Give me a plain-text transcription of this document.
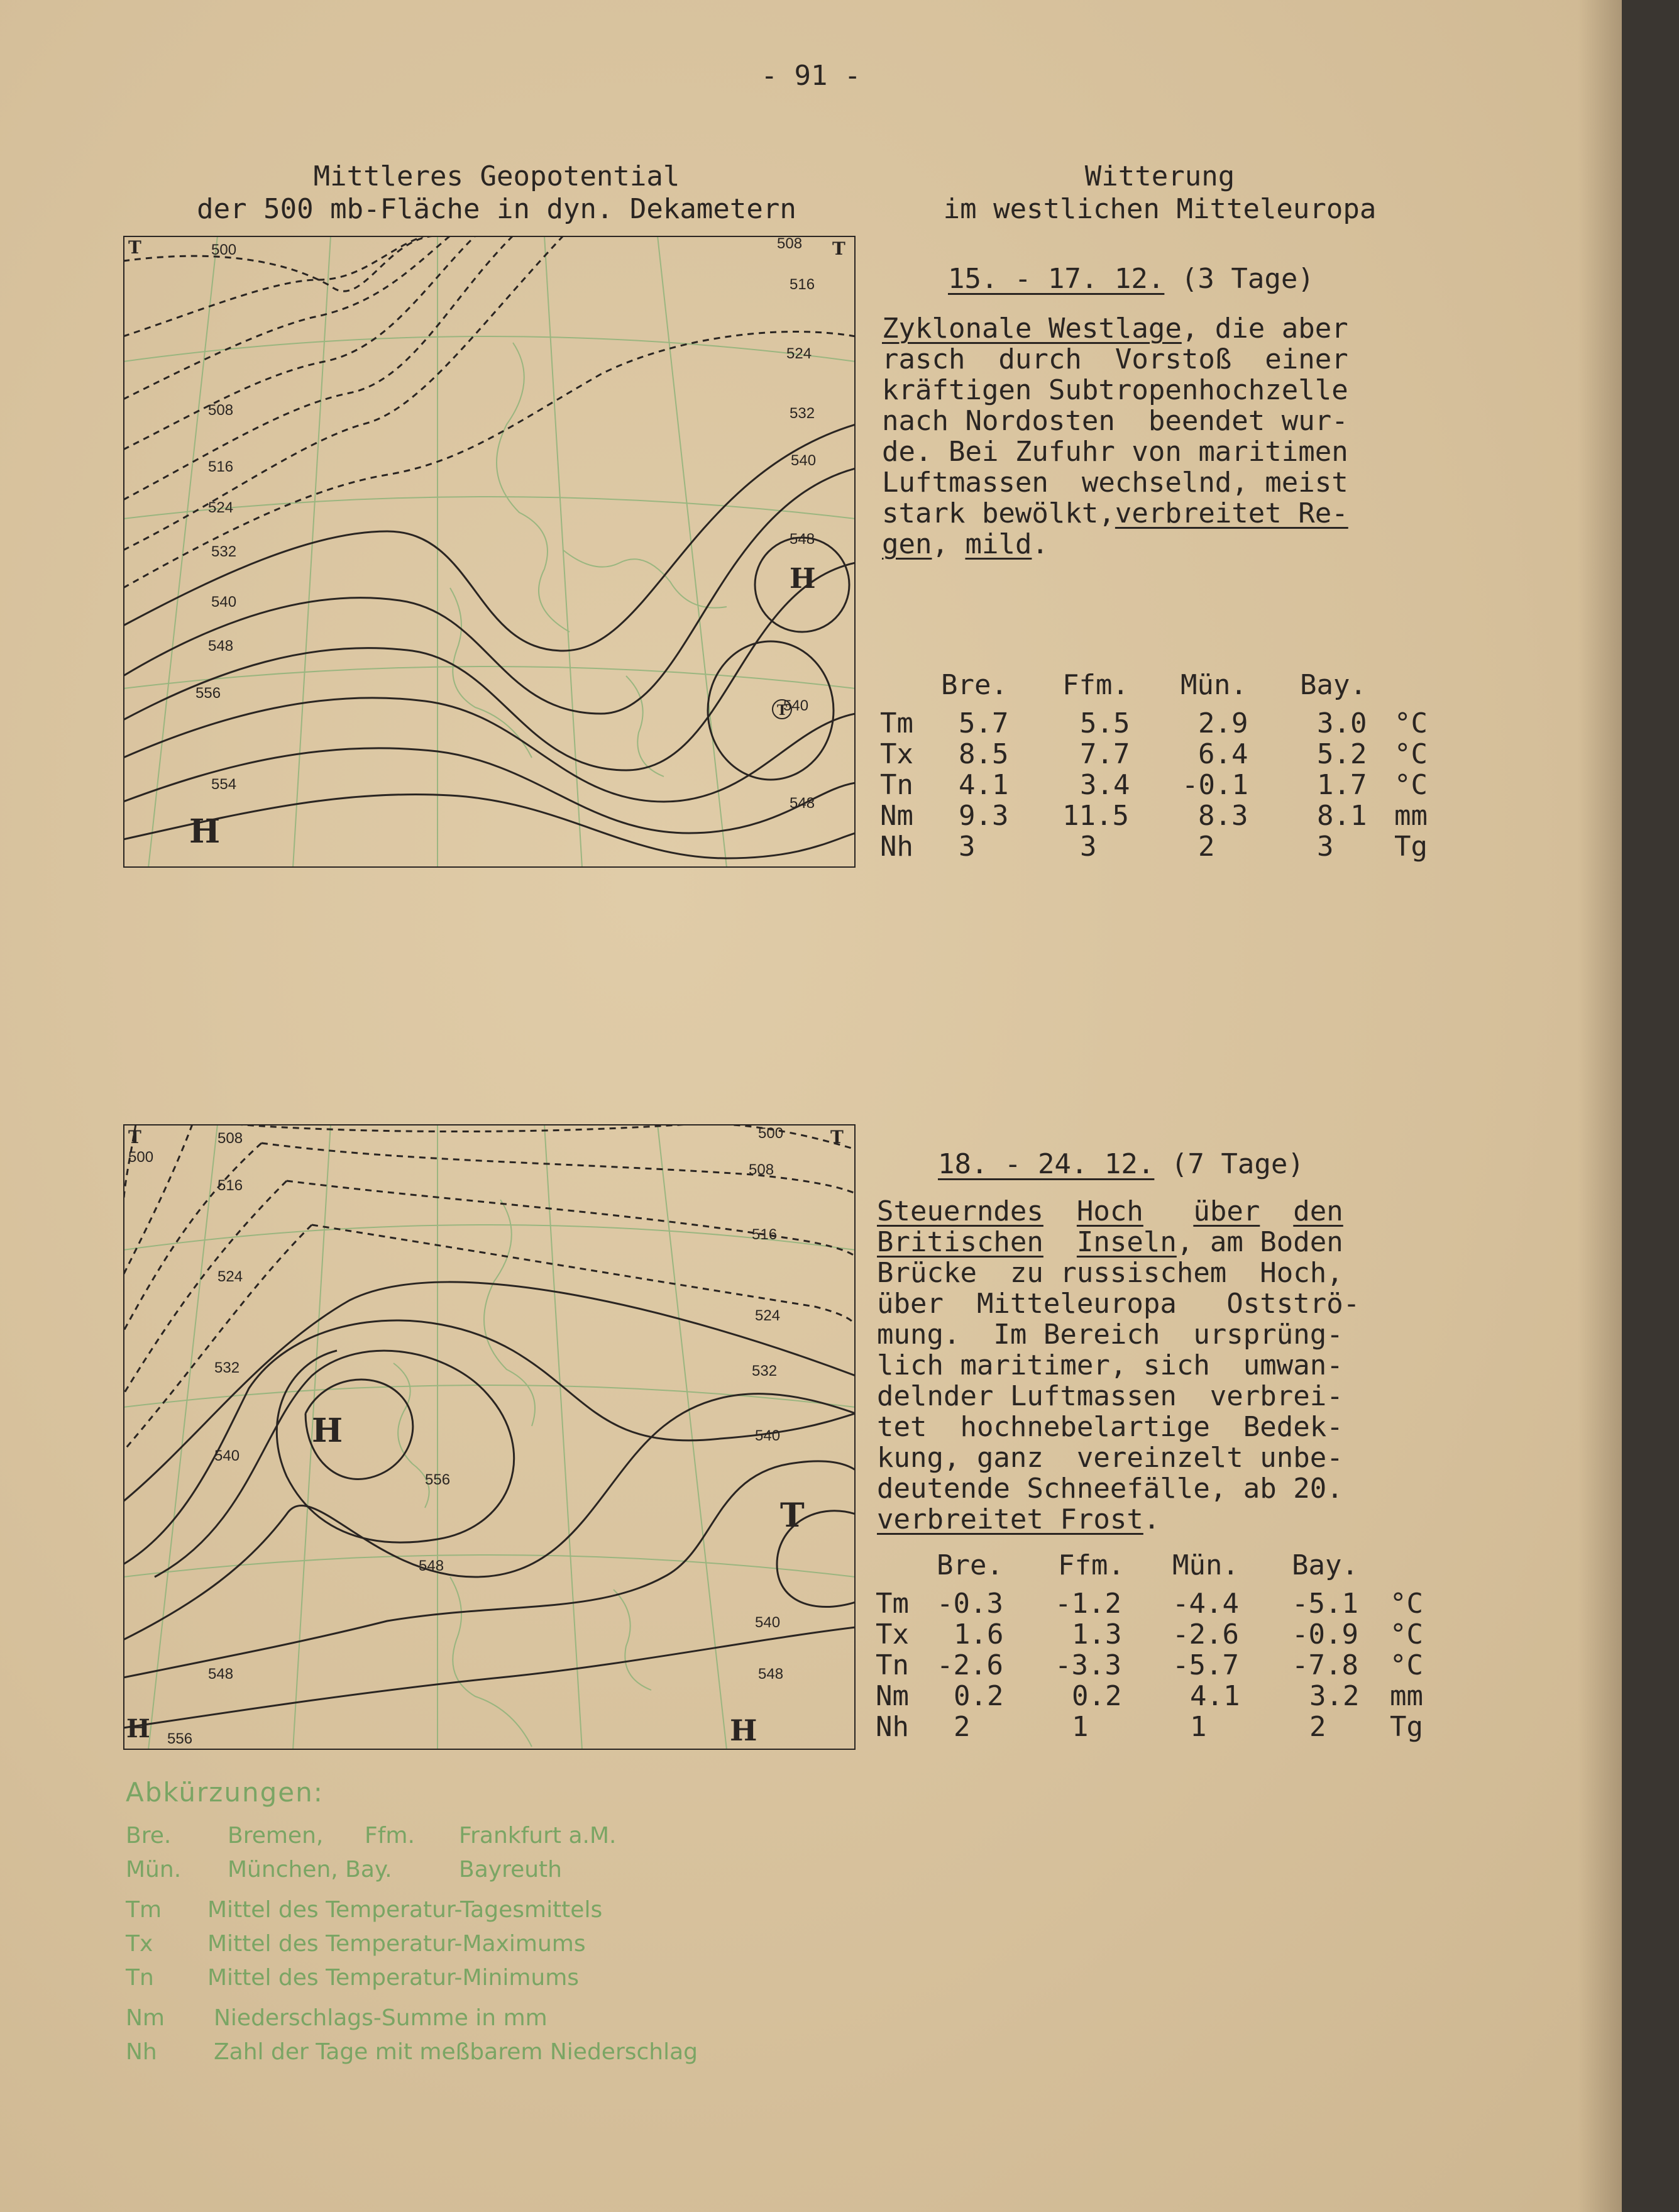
- 91 -
Mittleres Geopotential
der 500 mb-Fläche in dyn. Dekametern
Witterung
im westlichen Mitteleuropa
500
508
516
524
532
540
548
556
508
516
524
532
540
548
548
540
554
T	T
H
H
T
15. - 17. 12. (3 Tage)
Zyklonale Westlage, die aber
rasch  durch  Vorstoß  einer
kräftigen Subtropenhochzelle
nach Nordosten  beendet wur-
de. Bei Zufuhr von maritimen
Luftmassen  wechselnd, meist
stark bewölkt,verbreitet Re-
gen, mild.
Bre. Ffm. Mün. Bay.
Tm 5.7	5.5 2.9 3.0 °C
Tx 8.5	7.7 6.4 5.2 °C
Tn 4.1	3.4 -0.1 1.7 °C
Nm 9.3 11.5	8.3 8.1 mm
Nh 3	3	2	3 Tg
508
500
516
524
532
540
556
548
548
556
500
508
516
524
532
540
540
548
T	T
H
T
H	H
18. - 24. 12. (7 Tage)
Steuerndes Hoch über den
Britischen Inseln, am Boden
Brücke  zu russischem  Hoch,
über  Mitteleuropa   Ostströ-
mung.  Im Bereich  ursprüng-
lich maritimer, sich  umwan-
delnder Luftmassen  verbrei-
tet  hochnebelartige  Bedek-
kung, ganz  vereinzelt unbe-
deutende Schneefälle, ab 20.
verbreitet Frost.
Bre. Ffm. Mün. Bay.
Tm -0.3 -1.2 -4.4 -5.1 °C
Tx 1.6 1.3 -2.6 -0.9 °C
Tn -2.6 -3.3 -5.7 -7.8 °C
Nm 0.2 0.2 4.1	3.2 mm
Nh 2	1	1	2 Tg
Abkürzungen:
Bre. Bremen, Ffm. Frankfurt a.M.
Mün. München, Bay.	Bayreuth
Tm Mittel des Temperatur-Tagesmittels
Tx Mittel des Temperatur-Maximums
Tn Mittel des Temperatur-Minimums
Nm Niederschlags-Summe in mm
Nh	Zahl der Tage mit meßbarem Niederschlag
